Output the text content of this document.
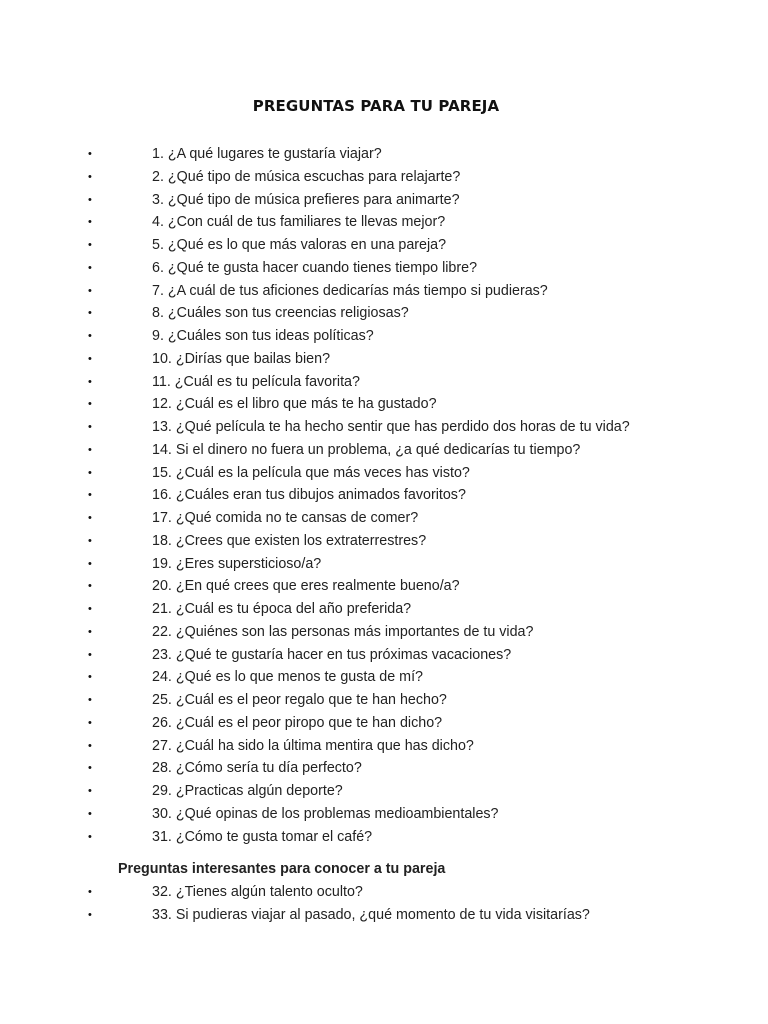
PREGUNTAS PARA TU PAREJA
•	1. ¿A qué lugares te gustaría viajar?
•	2. ¿Qué tipo de música escuchas para relajarte?
•	3. ¿Qué tipo de música prefieres para animarte?
•	4. ¿Con cuál de tus familiares te llevas mejor?
•	5. ¿Qué es lo que más valoras en una pareja?
•	6. ¿Qué te gusta hacer cuando tienes tiempo libre?
•	7. ¿A cuál de tus aficiones dedicarías más tiempo si pudieras?
•	8. ¿Cuáles son tus creencias religiosas?
•	9. ¿Cuáles son tus ideas políticas?
•	10. ¿Dirías que bailas bien?
•	11. ¿Cuál es tu película favorita?
•	12. ¿Cuál es el libro que más te ha gustado?
•	13. ¿Qué película te ha hecho sentir que has perdido dos horas de tu vida?
•	14. Si el dinero no fuera un problema, ¿a qué dedicarías tu tiempo?
•	15. ¿Cuál es la película que más veces has visto?
•	16. ¿Cuáles eran tus dibujos animados favoritos?
•	17. ¿Qué comida no te cansas de comer?
•	18. ¿Crees que existen los extraterrestres?
•	19. ¿Eres supersticioso/a?
•	20. ¿En qué crees que eres realmente bueno/a?
•	21. ¿Cuál es tu época del año preferida?
•	22. ¿Quiénes son las personas más importantes de tu vida?
•	23. ¿Qué te gustaría hacer en tus próximas vacaciones?
•	24. ¿Qué es lo que menos te gusta de mí?
•	25. ¿Cuál es el peor regalo que te han hecho?
•	26. ¿Cuál es el peor piropo que te han dicho?
•	27. ¿Cuál ha sido la última mentira que has dicho?
•	28. ¿Cómo sería tu día perfecto?
•	29. ¿Practicas algún deporte?
•	30. ¿Qué opinas de los problemas medioambientales?
•	31. ¿Cómo te gusta tomar el café?
Preguntas interesantes para conocer a tu pareja
•	32. ¿Tienes algún talento oculto?
•	33. Si pudieras viajar al pasado, ¿qué momento de tu vida visitarías?
